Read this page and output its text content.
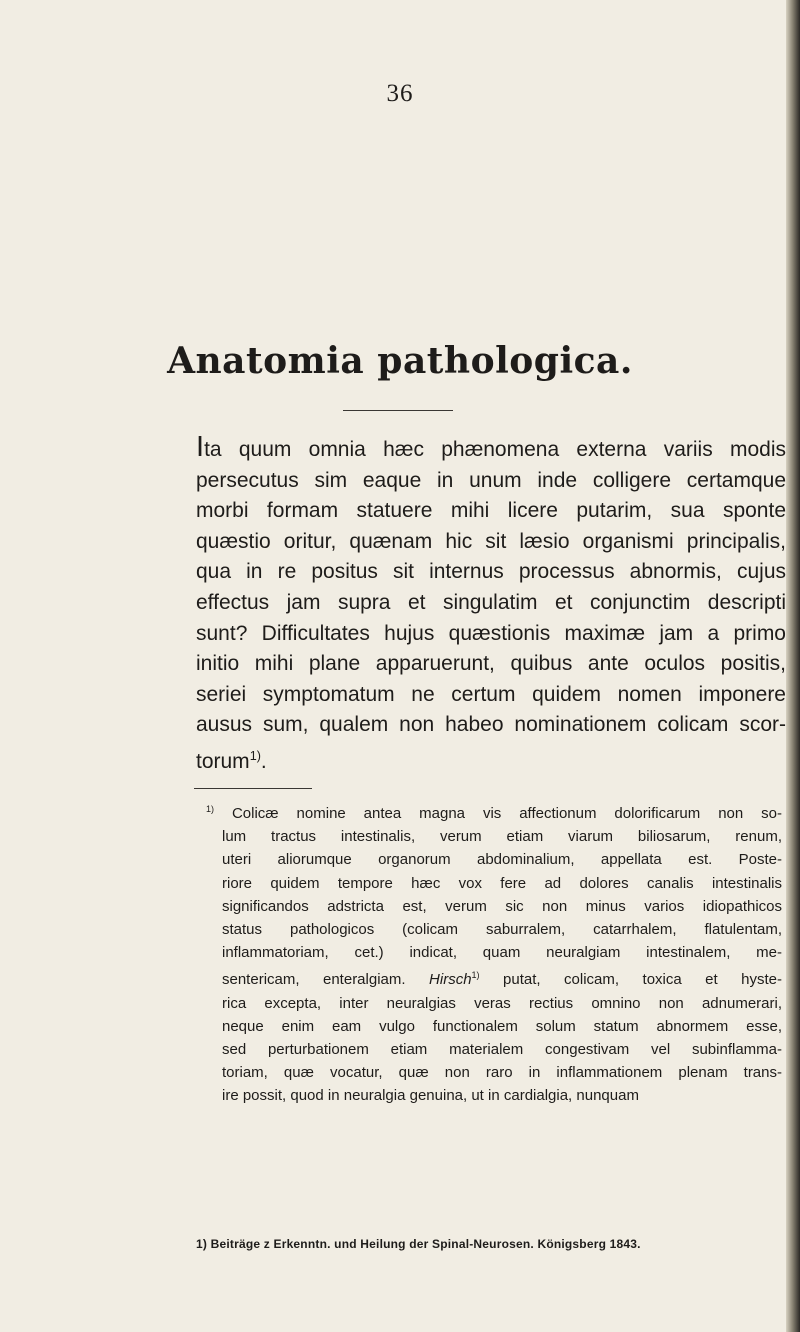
36
Anatomia pathologica.
Ita quum omnia hæc phænomena externa variis modis
persecutus sim eaque in unum inde colligere certamque
morbi formam statuere mihi licere putarim, sua sponte
quæstio oritur, quænam hic sit læsio organismi principalis,
qua in re positus sit internus processus abnormis, cujus
effectus jam supra et singulatim et conjunctim descripti
sunt? Difficultates hujus quæstionis maximæ jam a primo
initio mihi plane apparuerunt, quibus ante oculos positis,
seriei symptomatum ne certum quidem nomen imponere
ausus sum, qualem non habeo nominationem colicam scor-
torum$^{1)}$.
$^{1)}$ Colicæ nomine antea magna vis affectionum dolorificarum non so-
lum tractus intestinalis, verum etiam viarum biliosarum, renum,
uteri aliorumque organorum abdominalium, appellata est. Poste-
riore quidem tempore hæc vox fere ad dolores canalis intestinalis
significandos adstricta est, verum sic non minus varios idiopathicos
status pathologicos (colicam saburralem, catarrhalem, flatulentam,
inflammatoriam, cet.) indicat, quam neuralgiam intestinalem, me-
sentericam, enteralgiam. Hirsch$^{1)}$ putat, colicam, toxica et hyste-
rica excepta, inter neuralgias veras rectius omnino non adnumerari,
neque enim eam vulgo functionalem solum statum abnormem esse,
sed perturbationem etiam materialem congestivam vel subinflamma-
toriam, quæ vocatur, quæ non raro in inflammationem plenam trans-
ire possit, quod in neuralgia genuina, ut in cardialgia, nunquam
1) Beiträge z Erkenntn. und Heilung der Spinal-Neurosen. Königsberg 1843.
